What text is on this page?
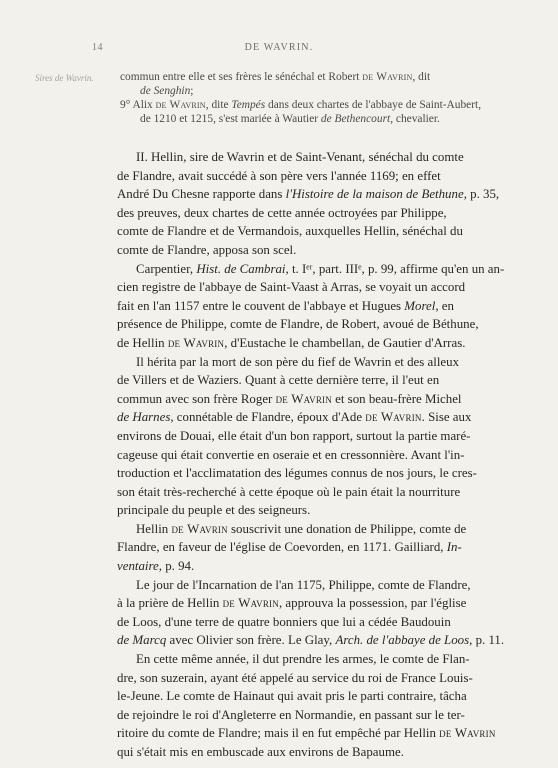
14	DE WAVRIN.
Sires de Wavrin. commun entre elle et ses frères le sénéchal et Robert de Wavrin, dit
de Senghin;
9° Alix de Wavrin, dite Tempés dans deux chartes de l'abbaye de Saint-Aubert,
de 1210 et 1215, s'est mariée à Wautier de Bethencourt, chevalier.
II. Hellin, sire de Wavrin et de Saint-Venant, sénéchal du comte
de Flandre, avait succédé à son père vers l'année 1169; en effet
André Du Chesne rapporte dans l'Histoire de la maison de Bethune, p. 35,
des preuves, deux chartes de cette année octroyées par Philippe,
comte de Flandre et de Vermandois, auxquelles Hellin, sénéchal du
comte de Flandre, apposa son scel.
Carpentier, Hist. de Cambrai, t. Iᵉʳ, part. IIIᵉ, p. 99, affirme qu'en un an-
cien registre de l'abbaye de Saint-Vaast à Arras, se voyait un accord
fait en l'an 1157 entre le couvent de l'abbaye et Hugues Morel, en
présence de Philippe, comte de Flandre, de Robert, avoué de Béthune,
de Hellin de Wavrin, d'Eustache le chambellan, de Gautier d'Arras.
Il hérita par la mort de son père du fief de Wavrin et des alleux
de Villers et de Waziers. Quant à cette dernière terre, il l'eut en
commun avec son frère Roger de Wavrin et son beau-frère Michel
de Harnes, connétable de Flandre, époux d'Ade de Wavrin. Sise aux
environs de Douai, elle était d'un bon rapport, surtout la partie maré-
cageuse qui était convertie en oseraie et en cressonnière. Avant l'in-
troduction et l'acclimatation des légumes connus de nos jours, le cres-
son était très-recherché à cette époque où le pain était la nourriture
principale du peuple et des seigneurs.
Hellin de Wavrin souscrivit une donation de Philippe, comte de
Flandre, en faveur de l'église de Coevorden, en 1171. Gailliard, In-
ventaire, p. 94.
Le jour de l'Incarnation de l'an 1175, Philippe, comte de Flandre,
à la prière de Hellin de Wavrin, approuva la possession, par l'église
de Loos, d'une terre de quatre bonniers que lui a cédée Baudouin
de Marcq avec Olivier son frère. Le Glay, Arch. de l'abbaye de Loos, p. 11.
En cette même année, il dut prendre les armes, le comte de Flan-
dre, son suzerain, ayant été appelé au service du roi de France Louis-
le-Jeune. Le comte de Hainaut qui avait pris le parti contraire, tâcha
de rejoindre le roi d'Angleterre en Normandie, en passant sur le ter-
ritoire du comte de Flandre; mais il en fut empêché par Hellin de Wavrin
qui s'était mis en embuscade aux environs de Bapaume.
